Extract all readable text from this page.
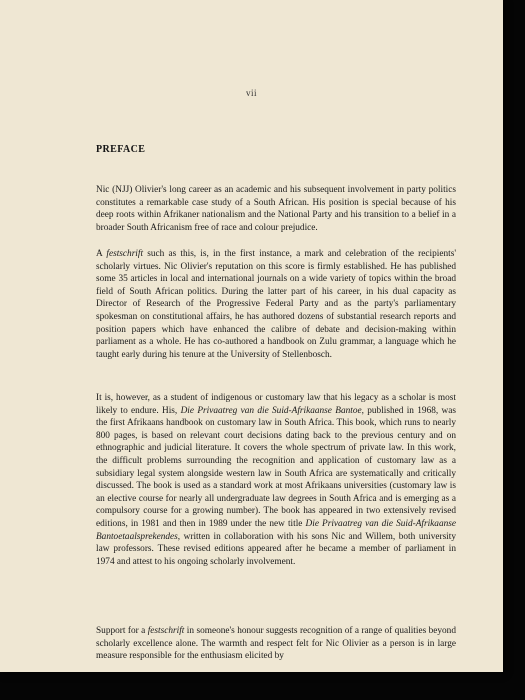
vii
PREFACE

Nic (NJJ) Olivier's long career as an academic and his subsequent involvement in party politics constitutes a remarkable case study of a South African. His position is special because of his deep roots within Afrikaner nationalism and the National Party and his transition to a belief in a broader South Africanism free of race and colour prejudice.

A festschrift such as this, is, in the first instance, a mark and celebration of the recipients' scholarly virtues. Nic Olivier's reputation on this score is firmly established. He has published some 35 articles in local and international journals on a wide variety of topics within the broad field of South African politics. During the latter part of his career, in his dual capacity as Director of Research of the Progressive Federal Party and as the party's parliamentary spokesman on constitutional affairs, he has authored dozens of substantial research reports and position papers which have enhanced the calibre of debate and decision-making within parliament as a whole. He has co-authored a handbook on Zulu grammar, a language which he taught early during his tenure at the University of Stellenbosch.

It is, however, as a student of indigenous or customary law that his legacy as a scholar is most likely to endure. His, Die Privaatreg van die Suid-Afrikaanse Bantoe, published in 1968, was the first Afrikaans handbook on customary law in South Africa. This book, which runs to nearly 800 pages, is based on relevant court decisions dating back to the previous century and on ethnographic and judicial literature. It covers the whole spectrum of private law. In this work, the difficult problems surrounding the recognition and application of customary law as a subsidiary legal system alongside western law in South Africa are systematically and critically discussed. The book is used as a standard work at most Afrikaans universities (customary law is an elective course for nearly all undergraduate law degrees in South Africa and is emerging as a compulsory course for a growing number). The book has appeared in two extensively revised editions, in 1981 and then in 1989 under the new title Die Privaatreg van die Suid-Afrikaanse Bantoetaalsprekendes, written in collaboration with his sons Nic and Willem, both university law professors. These revised editions appeared after he became a member of parliament in 1974 and attest to his ongoing scholarly involvement.

Support for a festschrift in someone's honour suggests recognition of a range of qualities beyond scholarly excellence alone. The warmth and respect felt for Nic Olivier as a person is in large measure responsible for the enthusiasm elicited by
